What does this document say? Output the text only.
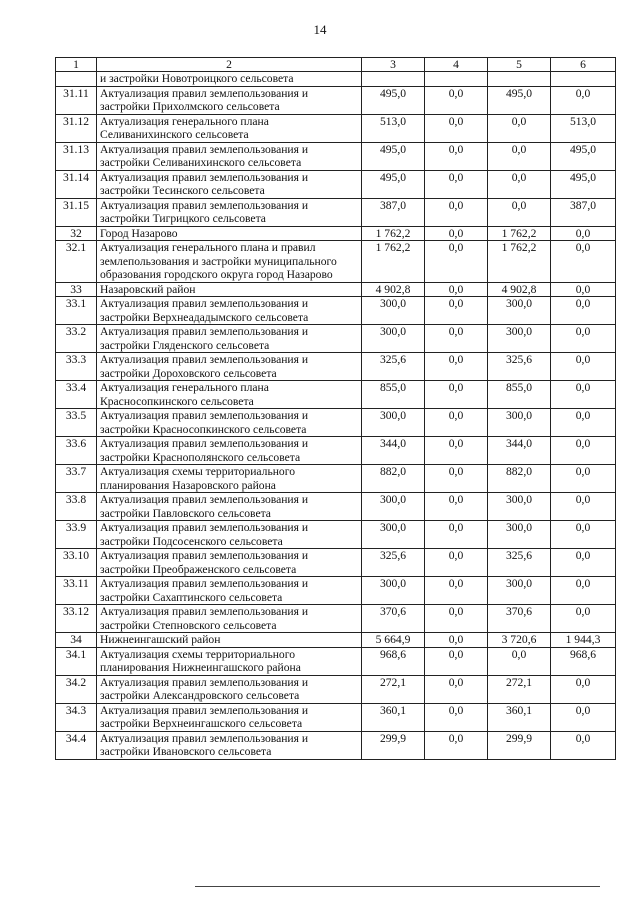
14
1	2	3	4	5	6
	и застройки Новотроицкого сельсовета				
31.11	Актуализация правил землепользования и застройки Прихолмского сельсовета	495,0	0,0	495,0	0,0
31.12	Актуализация генерального плана Селиванихинского сельсовета	513,0	0,0	0,0	513,0
31.13	Актуализация правил землепользования и застройки Селиванихинского сельсовета	495,0	0,0	0,0	495,0
31.14	Актуализация правил землепользования и застройки Тесинского сельсовета	495,0	0,0	0,0	495,0
31.15	Актуализация правил землепользования и застройки Тигрицкого сельсовета	387,0	0,0	0,0	387,0
32	Город Назарово	1 762,2	0,0	1 762,2	0,0
32.1	Актуализация генерального плана и правил землепользования и застройки муниципального образования городского округа город Назарово	1 762,2	0,0	1 762,2	0,0
33	Назаровский район	4 902,8	0,0	4 902,8	0,0
33.1	Актуализация правил землепользования и застройки Верхнеададымского сельсовета	300,0	0,0	300,0	0,0
33.2	Актуализация правил землепользования и застройки Гляденского сельсовета	300,0	0,0	300,0	0,0
33.3	Актуализация правил землепользования и застройки Дороховского сельсовета	325,6	0,0	325,6	0,0
33.4	Актуализация генерального плана Красносопкинского сельсовета	855,0	0,0	855,0	0,0
33.5	Актуализация правил землепользования и застройки Красносопкинского сельсовета	300,0	0,0	300,0	0,0
33.6	Актуализация правил землепользования и застройки Краснополянского сельсовета	344,0	0,0	344,0	0,0
33.7	Актуализация схемы территориального планирования Назаровского района	882,0	0,0	882,0	0,0
33.8	Актуализация правил землепользования и застройки Павловского сельсовета	300,0	0,0	300,0	0,0
33.9	Актуализация правил землепользования и застройки Подсосенского сельсовета	300,0	0,0	300,0	0,0
33.10	Актуализация правил землепользования и застройки Преображенского сельсовета	325,6	0,0	325,6	0,0
33.11	Актуализация правил землепользования и застройки Сахаптинского сельсовета	300,0	0,0	300,0	0,0
33.12	Актуализация правил землепользования и застройки Степновского сельсовета	370,6	0,0	370,6	0,0
34	Нижнеингашский район	5 664,9	0,0	3 720,6	1 944,3
34.1	Актуализация схемы территориального планирования Нижнеингашского района	968,6	0,0	0,0	968,6
34.2	Актуализация правил землепользования и застройки Александровского сельсовета	272,1	0,0	272,1	0,0
34.3	Актуализация правил землепользования и застройки Верхнеингашского сельсовета	360,1	0,0	360,1	0,0
34.4	Актуализация правил землепользования и застройки Ивановского сельсовета	299,9	0,0	299,9	0,0
